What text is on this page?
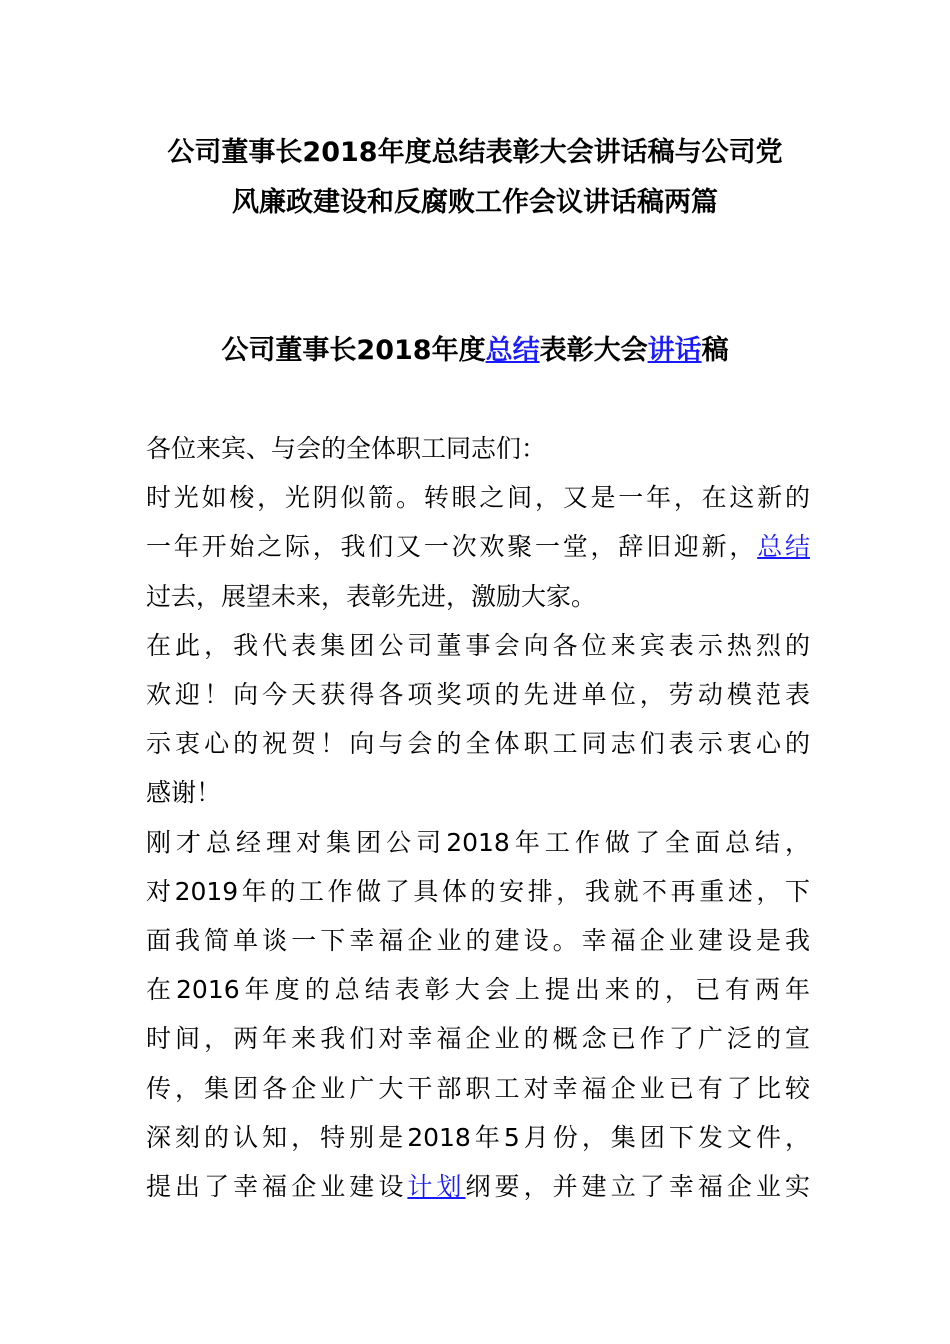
公司董事长2018年度总结表彰大会讲话稿与公司党
风廉政建设和反腐败工作会议讲话稿两篇
公司董事长2018年度总结表彰大会讲话稿
各位来宾、与会的全体职工同志们：
时光如梭，光阴似箭。转眼之间，又是一年，在这新的
一年开始之际，我们又一次欢聚一堂，辞旧迎新，总结
过去，展望未来，表彰先进，激励大家。
在此，我代表集团公司董事会向各位来宾表示热烈的
欢迎！向今天获得各项奖项的先进单位，劳动模范表
示衷心的祝贺！向与会的全体职工同志们表示衷心的
感谢！
刚才总经理对集团公司2018年工作做了全面总结，
对2019年的工作做了具体的安排，我就不再重述，下
面我简单谈一下幸福企业的建设。幸福企业建设是我
在2016年度的总结表彰大会上提出来的，已有两年
时间，两年来我们对幸福企业的概念已作了广泛的宣
传，集团各企业广大干部职工对幸福企业已有了比较
深刻的认知，特别是2018年5月份，集团下发文件，
提出了幸福企业建设计划纲要，并建立了幸福企业实
